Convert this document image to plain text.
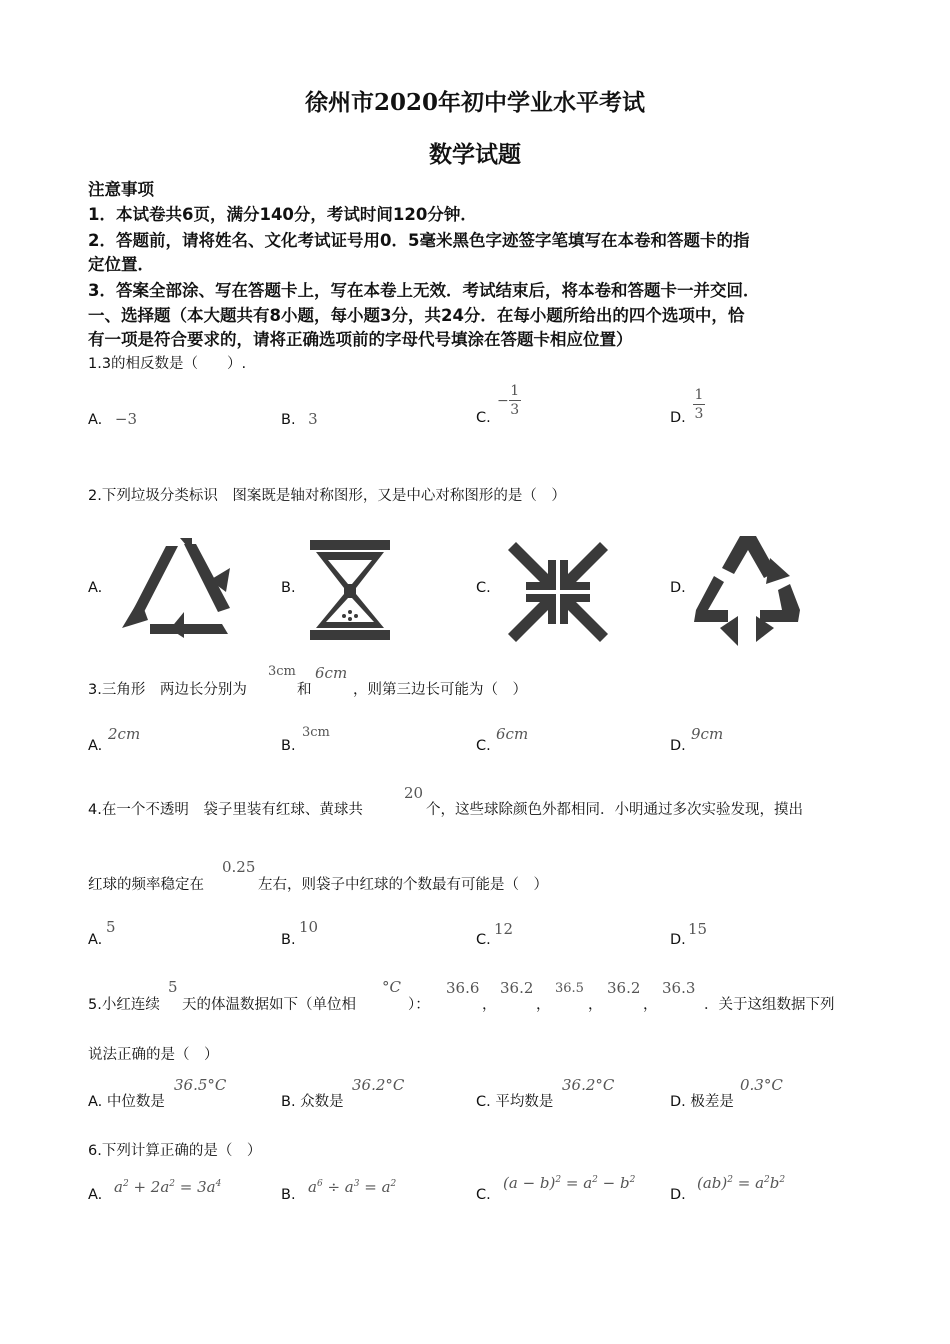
徐州市2020年初中学业水平考试
数学试题
注意事项
1．本试卷共6页，满分140分，考试时间120分钟．
2．答题前，请将姓名、文化考试证号用0．5毫米黑色字迹签字笔填写在本卷和答题卡的指
定位置．
3．答案全部涂、写在答题卡上，写在本卷上无效．考试结束后，将本卷和答题卡一并交回．
一、选择题（本大题共有8小题，每小题3分，共24分．在每小题所给出的四个选项中，恰
有一项是符合要求的，请将正确选项前的字母代号填涂在答题卡相应位置）
1.3的相反数是（　　）.
A. −3	B. 3	C.
− $\frac{1}{3}$
D. $\frac{1}{3}$
2.下列垃圾分类标识　图案既是轴对称图形，又是中心对称图形的是（　）
A.	B.	C.	D.
3.三角形　两边长分别为
3cm
和
6cm
，则第三边长可能为（　）
A.
2cm
B.
3cm
C.
6cm
D.
9cm
4.在一个不透明　袋子里装有红球、黄球共
20
个，这些球除颜色外都相同．小明通过多次实验发现，摸出
红球的频率稳定在
0.25
左右，则袋子中红球的个数最有可能是（　）
A.
5
B.
10
C.
12
D.
15
5.小红连续
5
天的体温数据如下（单位相
°C
）：
36.6
，
36.2
，
36.5
，
36.2
，
36.3
．关于这组数据下列
说法正确的是（　）
A. 中位数是
36.5°C
B. 众数是
36.2°C
C. 平均数是
36.2°C
D. 极差是
0.3°C
6.下列计算正确的是（　）
A. $a^2 + 2a^2 = 3a^4$
B. $a^6 \div a^3 = a^2$
C.
$(a - b)^2 = a^2 - b^2$
D.
$(ab)^2 = a^2b^2$
